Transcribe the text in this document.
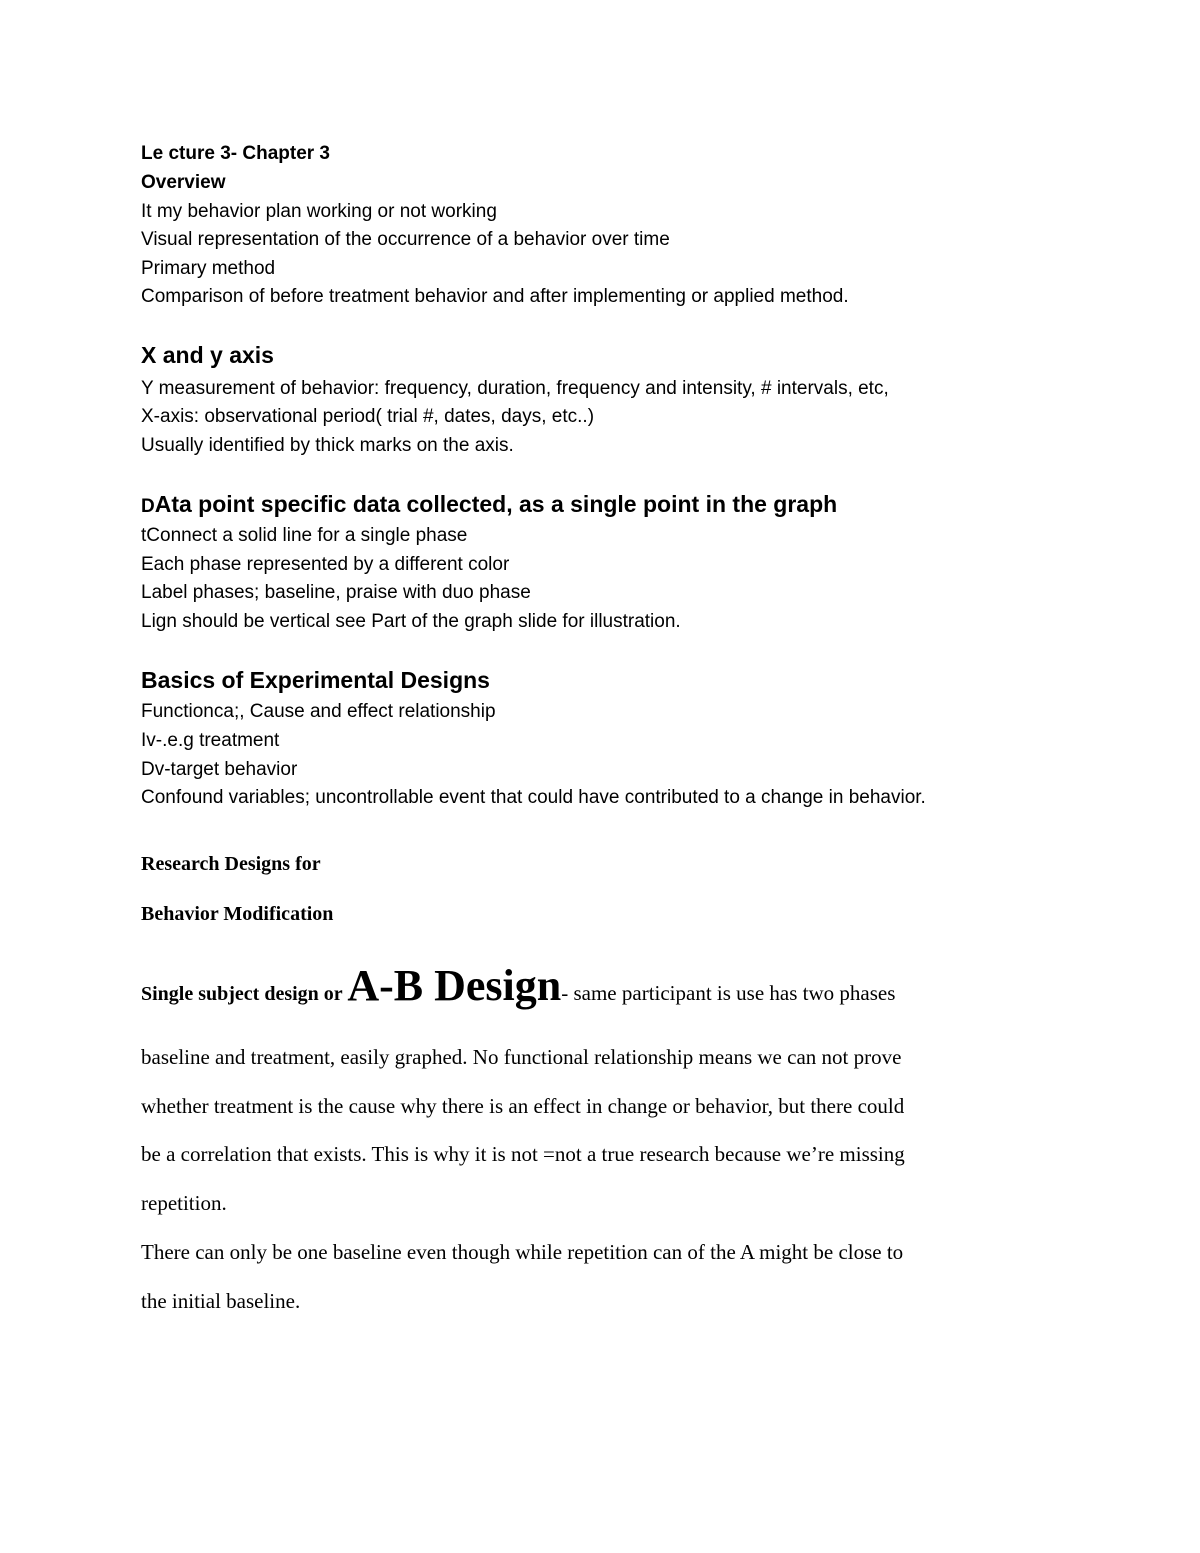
Le cture 3- Chapter 3

Overview

It my behavior plan working or not working

Visual representation of the occurrence of a behavior over time

Primary method

Comparison of before treatment behavior and after implementing or applied method.

X and y axis

Y measurement of behavior: frequency, duration, frequency and intensity, # intervals, etc,

X-axis: observational period( trial #, dates, days, etc..)

Usually identified by thick marks on the axis.

DAta point specific data collected, as a single point in the graph

tConnect a solid line for a single phase

Each phase represented by a different color

Label phases; baseline, praise with duo phase

Lign should be vertical see Part of the graph slide for illustration.

Basics of Experimental Designs

Functionca;, Cause and effect relationship

Iv-.e.g treatment

Dv-target behavior

Confound variables; uncontrollable event that could have contributed to a change in behavior.

Research Designs for

Behavior Modification

Single subject design or A-B Design- same participant is use has two phases

baseline and treatment, easily graphed. No functional relationship means we can not prove

whether treatment is the cause why there is an effect in change or behavior, but there could

be a correlation that exists. This is why it is not =not a true research because we’re missing

repetition.

There can only be one baseline even though while repetition can of the A might be close to

the initial baseline.
